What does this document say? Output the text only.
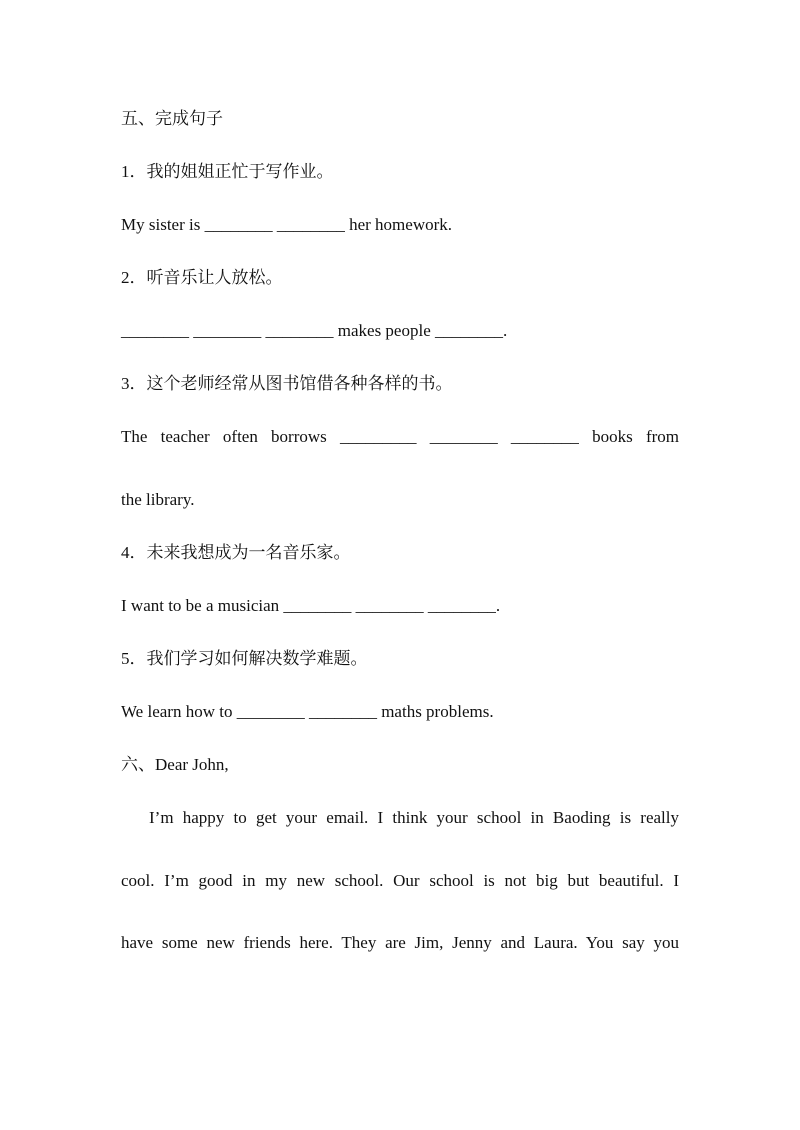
五、完成句子
1．我的姐姐正忙于写作业。
My sister is ________ ________ her homework.
2．听音乐让人放松。
________ ________ ________ makes people ________.
3．这个老师经常从图书馆借各种各样的书。
The teacher often borrows _________ ________ ________ books from
the library.
4．未来我想成为一名音乐家。
I want to be a musician ________ ________ ________.
5．我们学习如何解决数学难题。
We learn how to ________ ________ maths problems.
六、Dear John,
I’m happy to get your email. I think your school in Baoding is really
cool. I’m good in my new school. Our school is not big but beautiful. I
have some new friends here. They are Jim, Jenny and Laura. You say you
